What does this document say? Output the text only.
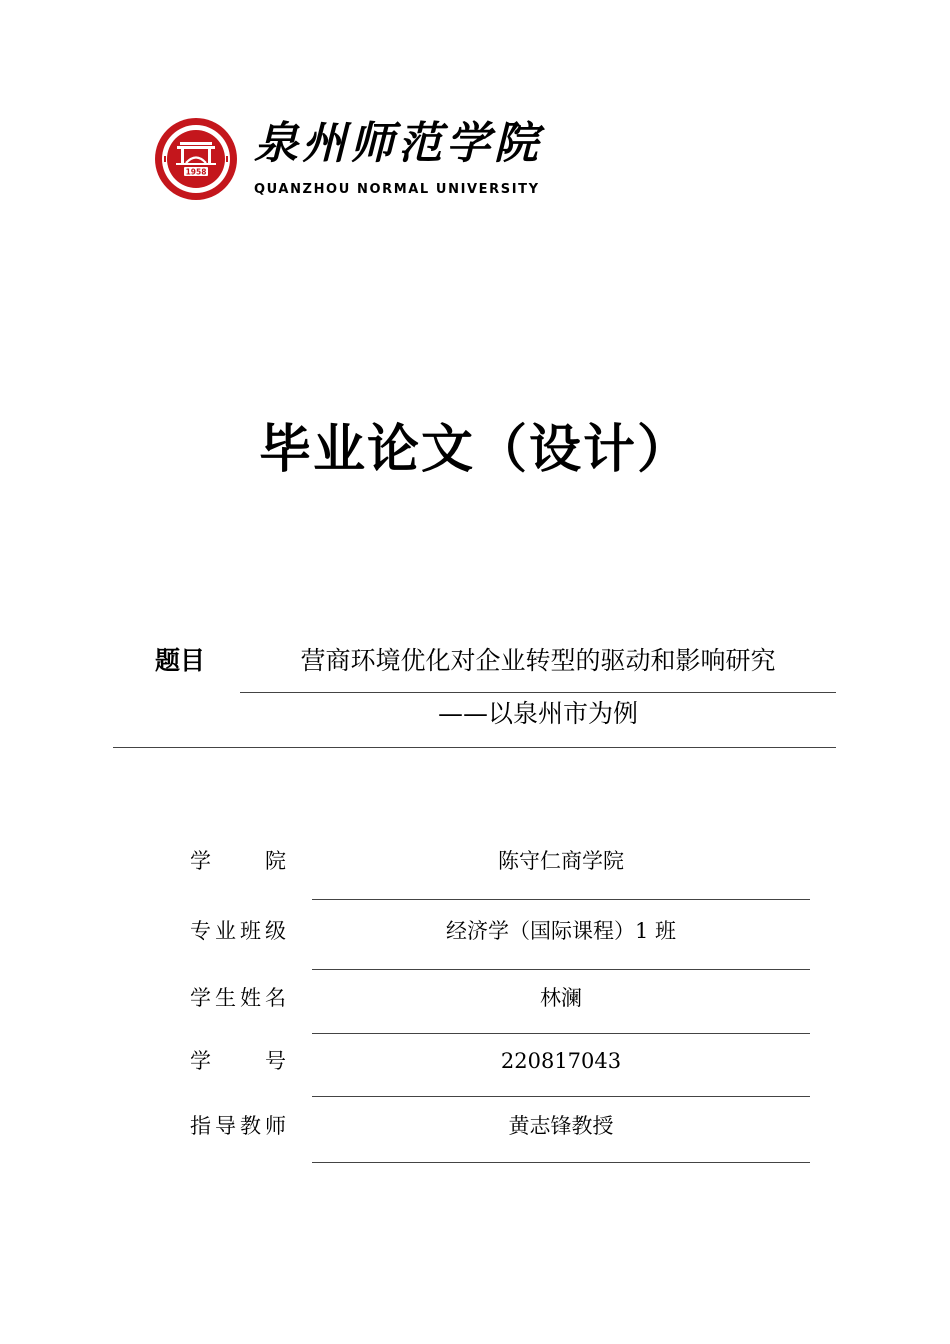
1958
泉州师范学院
QUANZHOU NORMAL UNIVERSITY
毕业论文（设计）
题目	营商环境优化对企业转型的驱动和影响研究
——以泉州市为例
学院	陈守仁商学院
专业班级	经济学（国际课程）1 班
学生姓名	林澜
学号	220817043
指导教师	黄志锋教授
